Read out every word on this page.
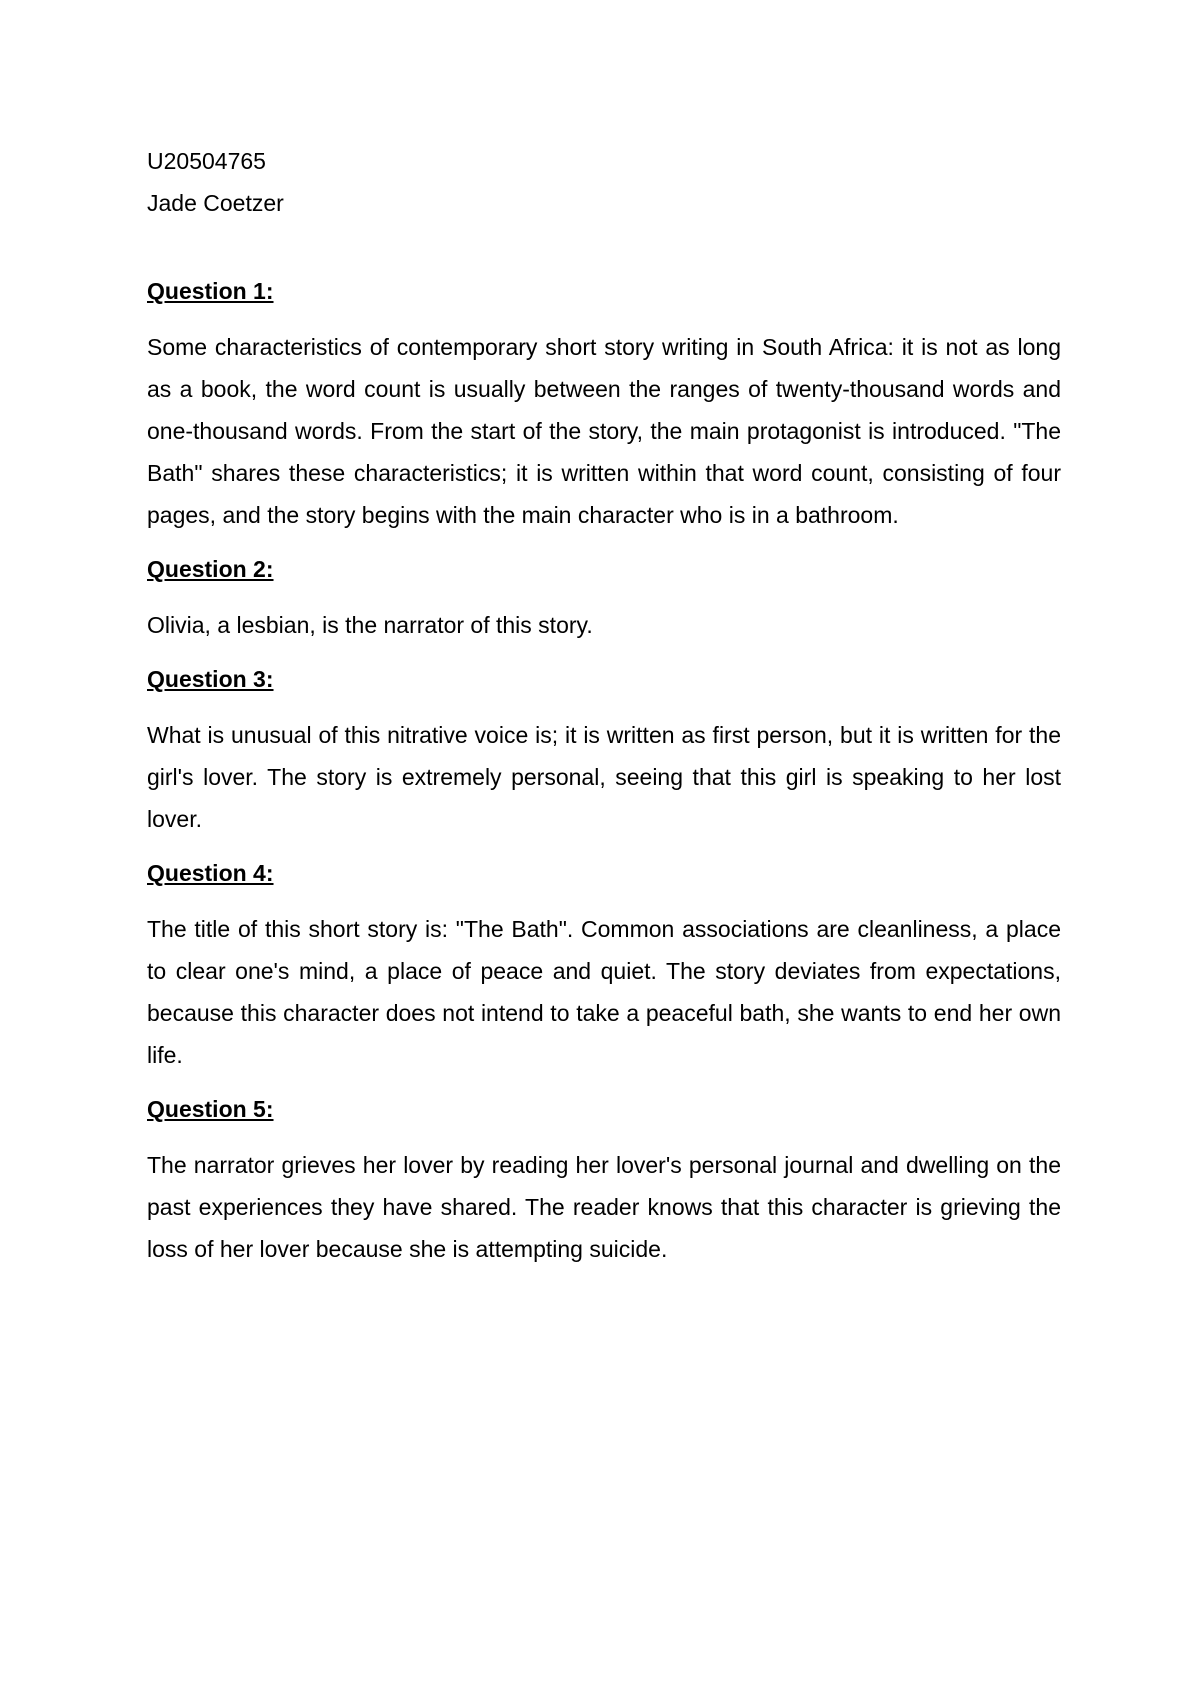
U20504765

Jade Coetzer

Question 1:

Some characteristics of contemporary short story writing in South Africa: it is not as long as a book, the word count is usually between the ranges of twenty-thousand words and one-thousand words. From the start of the story, the main protagonist is introduced. "The Bath" shares these characteristics; it is written within that word count, consisting of four pages, and the story begins with the main character who is in a bathroom.

Question 2:

Olivia, a lesbian, is the narrator of this story.

Question 3:

What is unusual of this nitrative voice is; it is written as first person, but it is written for the girl's lover. The story is extremely personal, seeing that this girl is speaking to her lost lover.

Question 4:

The title of this short story is: "The Bath". Common associations are cleanliness, a place to clear one's mind, a place of peace and quiet. The story deviates from expectations, because this character does not intend to take a peaceful bath, she wants to end her own life.

Question 5:

The narrator grieves her lover by reading her lover's personal journal and dwelling on the past experiences they have shared. The reader knows that this character is grieving the loss of her lover because she is attempting suicide.
